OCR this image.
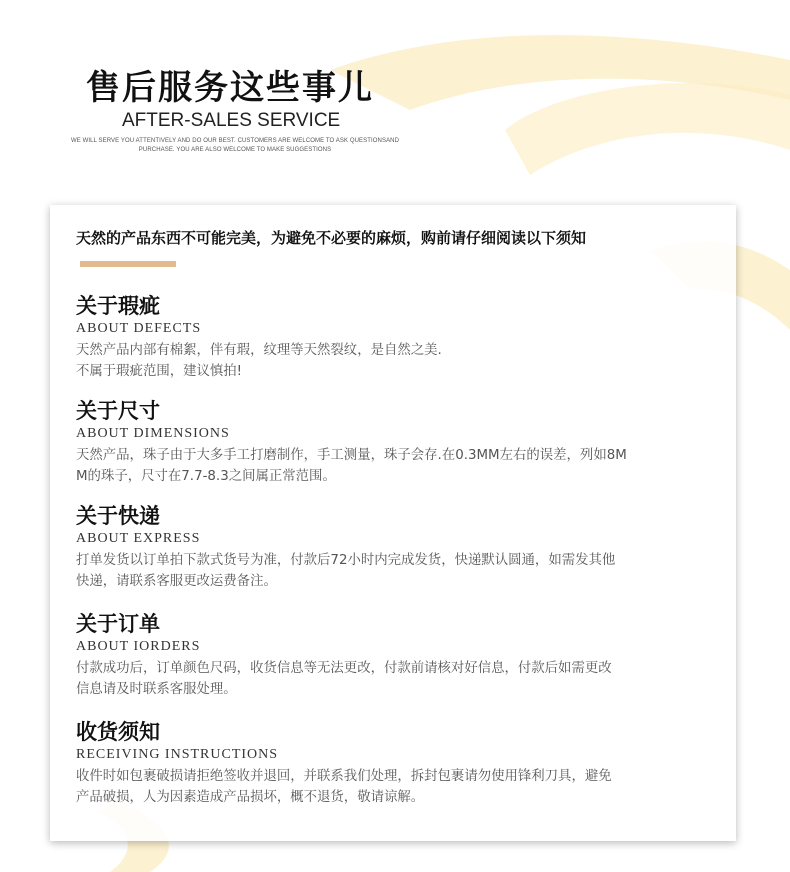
售后服务这些事儿
AFTER-SALES SERVICE
WE WILL SERVE YOU ATTENTIVELY AND DO OUR BEST. CUSTOMERS ARE WELCOME TO ASK QUESTIONSAND
PURCHASE. YOU ARE ALSO WELCOME TO MAKE SUGGESTIONS
天然的产品东西不可能完美，为避免不必要的麻烦，购前请仔细阅读以下须知
关于瑕疵
ABOUT DEFECTS
天然产品内部有棉絮，伴有瑕，纹理等天然裂纹，是自然之美.
不属于瑕疵范围，建议慎拍!
关于尺寸
ABOUT DIMENSIONS
天然产品，珠子由于大多手工打磨制作，手工测量，珠子会存.在0.3MM左右的误差，列如8M
M的珠子，尺寸在7.7-8.3之间属正常范围。
关于快递
ABOUT EXPRESS
打单发货以订单拍下款式货号为准，付款后72小时内完成发货，快递默认圆通，如需发其他
快递，请联系客服更改运费备注。
关于订单
ABOUT IORDERS
付款成功后，订单颜色尺码，收货信息等无法更改，付款前请核对好信息，付款后如需更改
信息请及时联系客服处理。
收货须知
RECEIVING INSTRUCTIONS
收件时如包裹破损请拒绝签收并退回，并联系我们处理，拆封包裹请勿使用锋利刀具，避免
产品破损，人为因素造成产品损坏，概不退货，敬请谅解。
